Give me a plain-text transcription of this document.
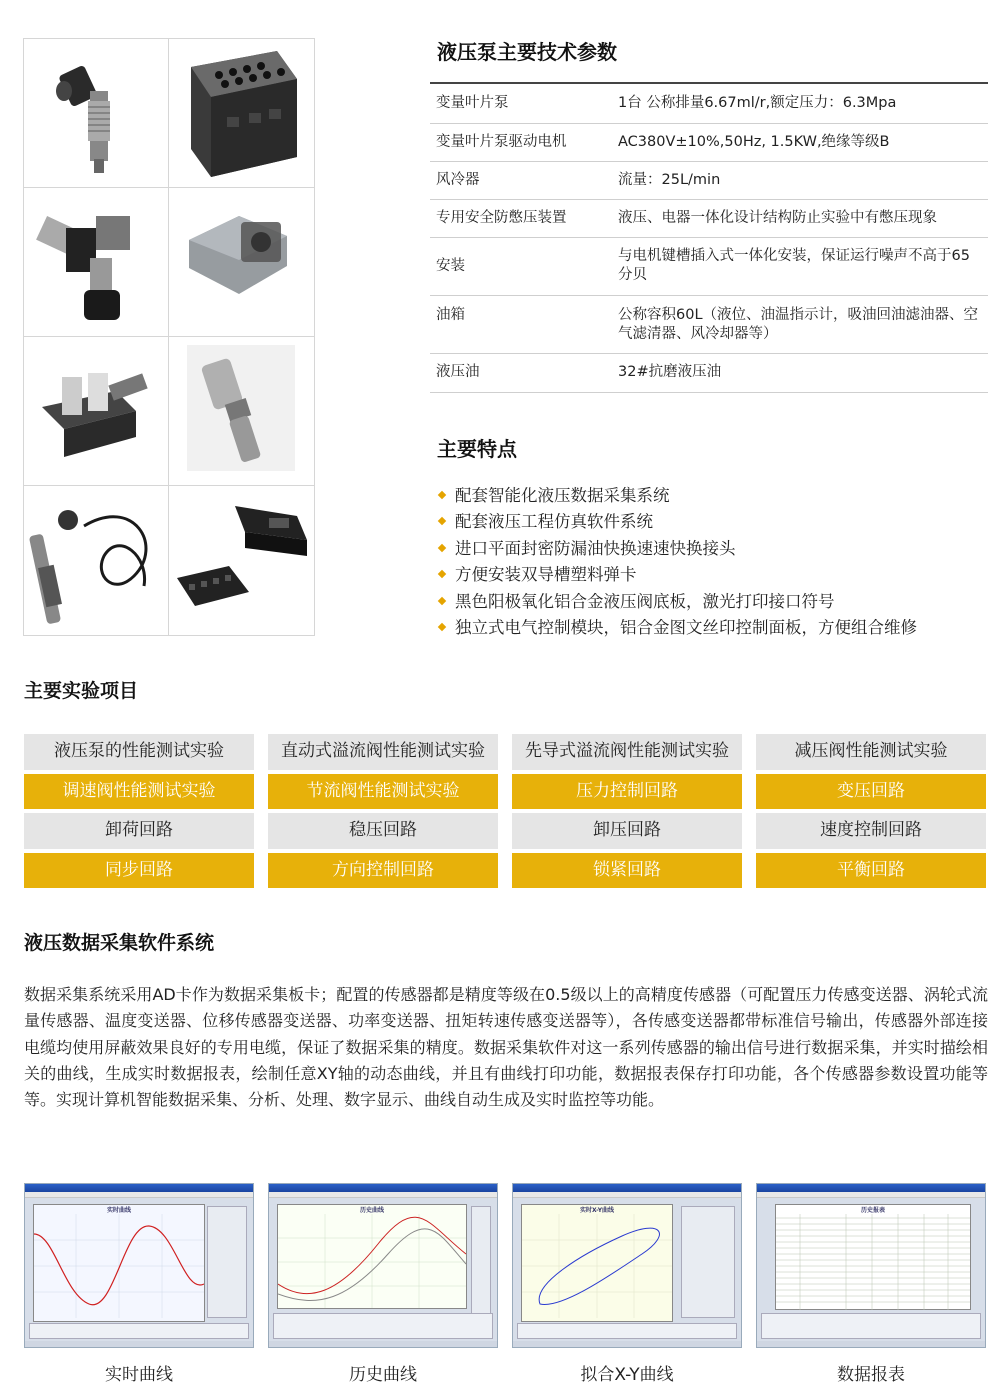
液压泵主要技术参数
变量叶片泵	1台 公称排量6.67ml/r,额定压力：6.3Mpa
变量叶片泵驱动电机	AC380V±10%,50Hz, 1.5KW,绝缘等级B
风冷器	流量：25L/min
专用安全防憋压装置	液压、电器一体化设计结构防止实验中有憋压现象
安装	与电机键槽插入式一体化安装，保证运行噪声不高于65分贝
油箱	公称容积60L（液位、油温指示计，吸油回油滤油器、空气滤清器、风冷却器等）
液压油	32#抗磨液压油
主要特点
配套智能化液压数据采集系统
配套液压工程仿真软件系统
进口平面封密防漏油快换速速快换接头
方便安装双导槽塑料弹卡
黑色阳极氧化铝合金液压阀底板，激光打印接口符号
独立式电气控制模块，铝合金图文丝印控制面板，方便组合维修
主要实验项目
液压泵的性能测试实验	直动式溢流阀性能测试实验	先导式溢流阀性能测试实验	减压阀性能测试实验
调速阀性能测试实验	节流阀性能测试实验	压力控制回路	变压回路
卸荷回路	稳压回路	卸压回路	速度控制回路
同步回路	方向控制回路	锁紧回路	平衡回路
液压数据采集软件系统

数据采集系统采用AD卡作为数据采集板卡；配置的传感器都是精度等级在0.5级以上的高精度传感器（可配置压力传感变送器、涡轮式流量传感器、温度变送器、位移传感器变送器、功率变送器、扭矩转速传感变送器等），各传感变送器都带标准信号输出，传感器外部连接电缆均使用屏蔽效果良好的专用电缆，保证了数据采集的精度。数据采集软件对这一系列传感器的输出信号进行数据采集，并实时描绘相关的曲线，生成实时数据报表，绘制任意XY轴的动态曲线，并且有曲线打印功能，数据报表保存打印功能，各个传感器参数设置功能等等。实现计算机智能数据采集、分析、处理、数字显示、曲线自动生成及实时监控等功能。

实时曲线
实时曲线
历史曲线
历史曲线
实时X-Y曲线
拟合X-Y曲线
历史报表
数据报表
